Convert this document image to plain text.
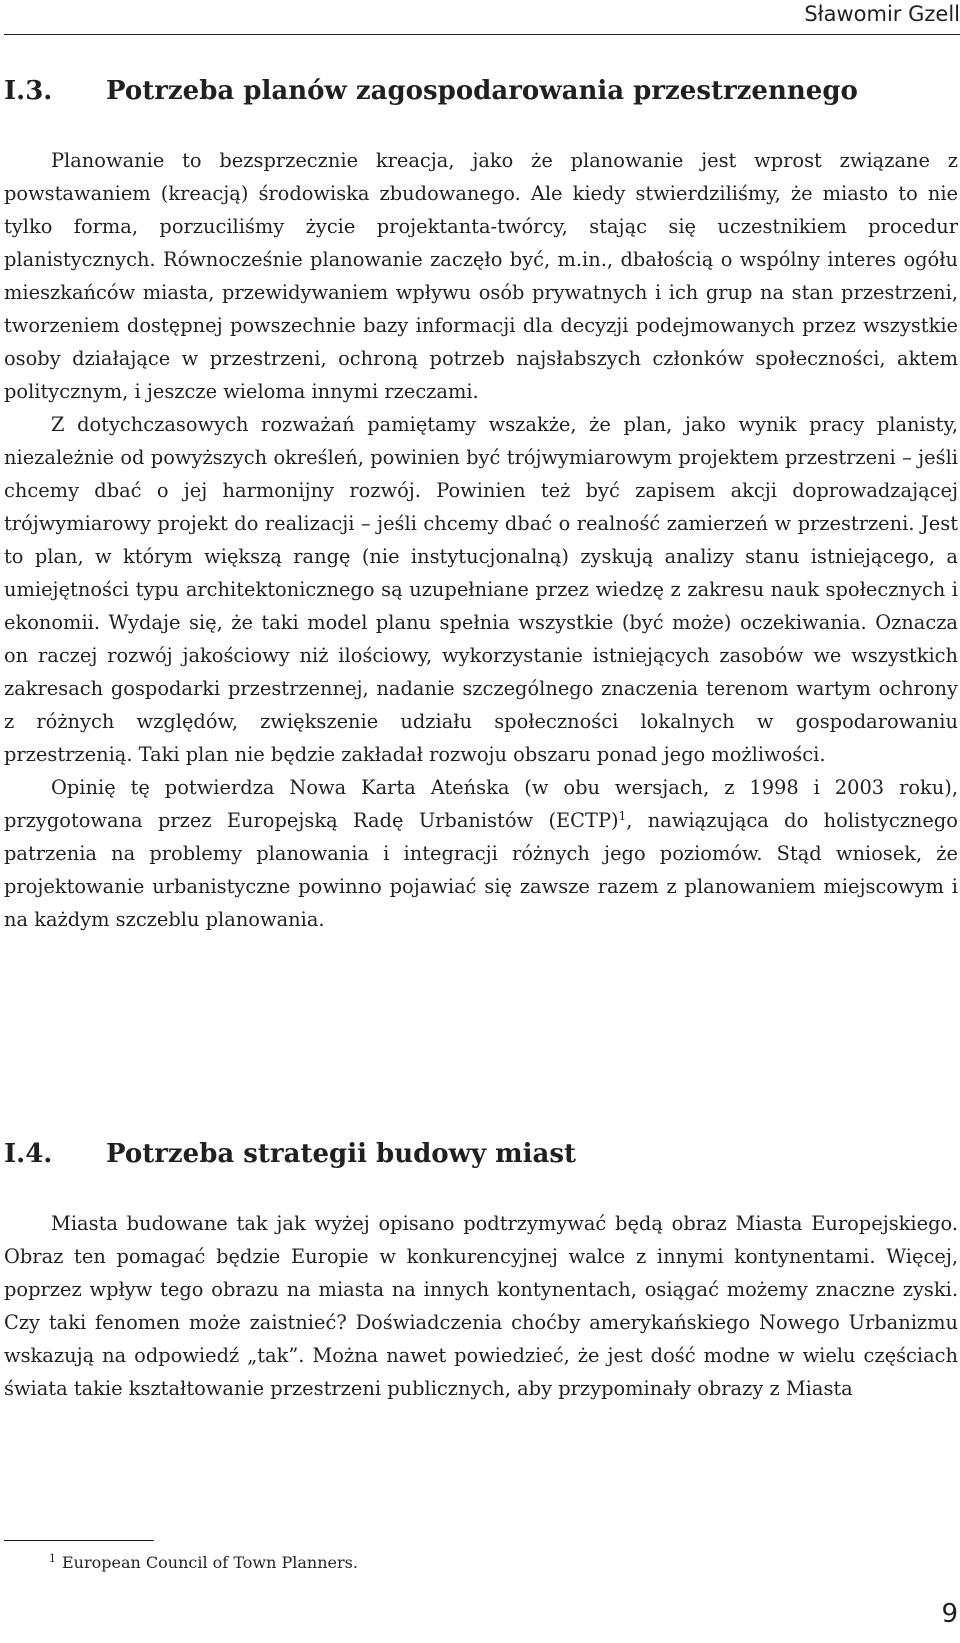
Sławomir Gzell
I.3. Potrzeba planów zagospodarowania przestrzennego

Planowanie to bezsprzecznie kreacja, jako że planowanie jest wprost związane z powstawaniem (kreacją) środowiska zbudowanego. Ale kiedy stwierdziliśmy, że miasto to nie tylko forma, porzuciliśmy życie projektanta-twórcy, stając się uczestnikiem procedur planistycznych. Równocześnie planowanie zaczęło być, m.in., dbałością o wspólny interes ogółu mieszkańców miasta, przewidywaniem wpływu osób prywatnych i ich grup na stan przestrzeni, tworzeniem dostępnej powszechnie bazy informacji dla decyzji podejmowanych przez wszystkie osoby działające w przestrzeni, ochroną potrzeb najsłabszych członków społeczności, aktem politycznym, i jeszcze wieloma innymi rzeczami.

Z dotychczasowych rozważań pamiętamy wszakże, że plan, jako wynik pracy planisty, niezależnie od powyższych określeń, powinien być trójwymiarowym projektem przestrzeni – jeśli chcemy dbać o jej harmonijny rozwój. Powinien też być zapisem akcji doprowadzającej trójwymiarowy projekt do realizacji – jeśli chcemy dbać o realność zamierzeń w przestrzeni. Jest to plan, w którym większą rangę (nie instytucjonalną) zyskują analizy stanu istniejącego, a umiejętności typu architektonicznego są uzupełniane przez wiedzę z zakresu nauk społecznych i ekonomii. Wydaje się, że taki model planu spełnia wszystkie (być może) oczekiwania. Oznacza on raczej rozwój jakościowy niż ilościowy, wykorzystanie istniejących zasobów we wszystkich zakresach gospodarki przestrzennej, nadanie szczególnego znaczenia terenom wartym ochrony z różnych względów, zwiększenie udziału społeczności lokalnych w gospodarowaniu przestrzenią. Taki plan nie będzie zakładał rozwoju obszaru ponad jego możliwości.

Opinię tę potwierdza Nowa Karta Ateńska (w obu wersjach, z 1998 i 2003 roku), przygotowana przez Europejską Radę Urbanistów (ECTP)$^1$, nawiązująca do holistycznego patrzenia na problemy planowania i integracji różnych jego poziomów. Stąd wniosek, że projektowanie urbanistyczne powinno pojawiać się zawsze razem z planowaniem miejscowym i na każdym szczeblu planowania.

I.4. Potrzeba strategii budowy miast

Miasta budowane tak jak wyżej opisano podtrzymywać będą obraz Miasta Europejskiego. Obraz ten pomagać będzie Europie w konkurencyjnej walce z innymi kontynentami. Więcej, poprzez wpływ tego obrazu na miasta na innych kontynentach, osiągać możemy znaczne zyski. Czy taki fenomen może zaistnieć? Doświadczenia choćby amerykańskiego Nowego Urbanizmu wskazują na odpowiedź „tak”. Można nawet powiedzieć, że jest dość modne w wielu częściach świata takie kształtowanie przestrzeni publicznych, aby przypominały obrazy z Miasta

$^1$ European Council of Town Planners.
9
